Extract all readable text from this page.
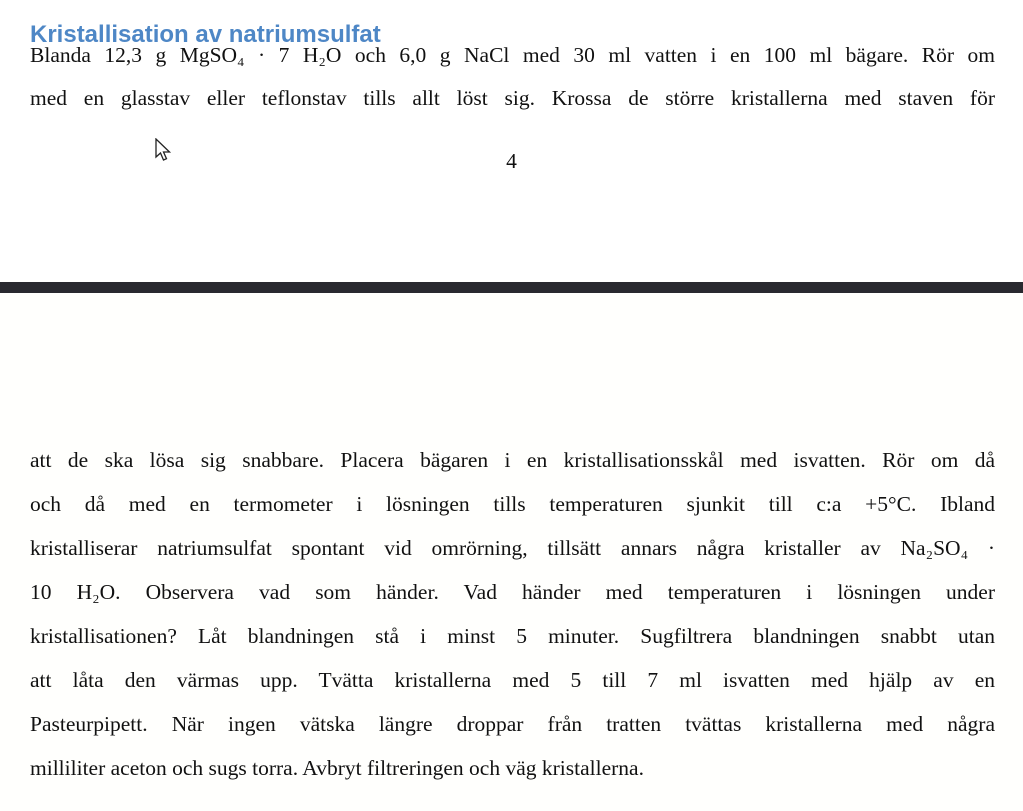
Kristallisation av natriumsulfat
Blanda 12,3 g MgSO₄ · 7 H₂O och 6,0 g NaCl med 30 ml vatten i en 100 ml bägare. Rör om
med en glasstav eller teflonstav tills allt löst sig. Krossa de större kristallerna med staven för
4
att de ska lösa sig snabbare. Placera bägaren i en kristallisationsskål med isvatten. Rör om då
och då med en termometer i lösningen tills temperaturen sjunkit till c:a +5°C. Ibland
kristalliserar natriumsulfat spontant vid omrörning, tillsätt annars några kristaller av Na₂SO₄ ·
10 H₂O. Observera vad som händer. Vad händer med temperaturen i lösningen under
kristallisationen? Låt blandningen stå i minst 5 minuter. Sugfiltrera blandningen snabbt utan
att låta den värmas upp. Tvätta kristallerna med 5 till 7 ml isvatten med hjälp av en
Pasteurpipett. När ingen vätska längre droppar från tratten tvättas kristallerna med några
milliliter aceton och sugs torra. Avbryt filtreringen och väg kristallerna.
